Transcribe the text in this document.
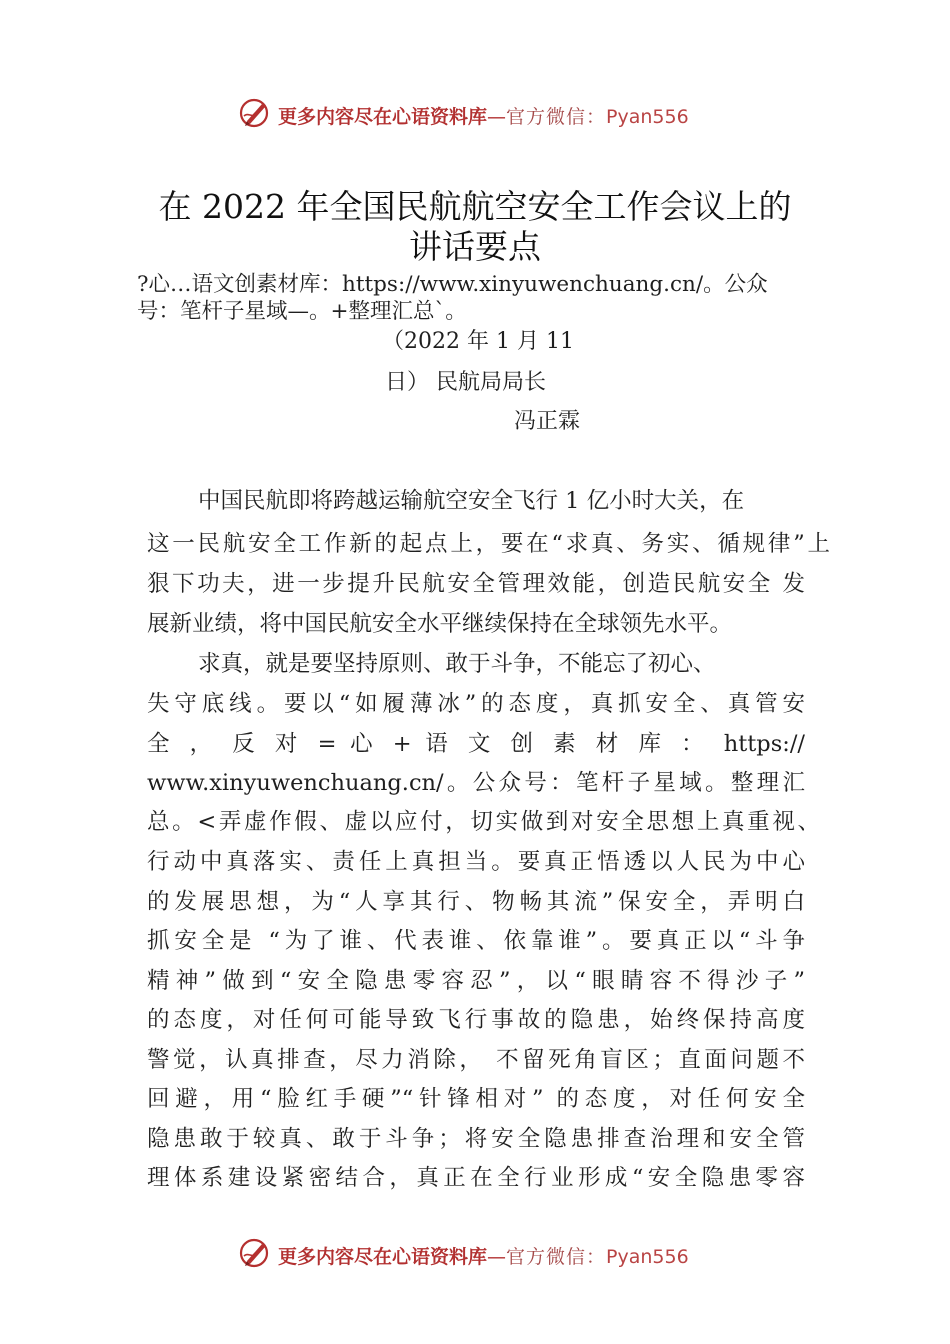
更多内容尽在心语资料库—官方微信：Pyan556
在 2022 年全国民航航空安全工作会议上的
讲话要点
?心…语文创素材库：https://www.xinyuwenchuang.cn/。公众
号：笔杆子星域—。+整理汇总`。
（2022 年 1 月 11
日） 民航局局长
冯正霖
中国民航即将跨越运输航空安全飞行 1 亿小时大关，在
这一民航安全工作新的起点上，要在“求真、务实、循规律”上
狠下功夫，进一步提升民航安全管理效能，创造民航安全 发
展新业绩，将中国民航安全水平继续保持在全球领先水平。
求真，就是要坚持原则、敢于斗争，不能忘了初心、
失守底线。要以“如履薄冰”的态度，真抓安全、真管安
全 ， 反 对 = 心 + 语 文 创 素 材 库 ： https://
www.xinyuwenchuang.cn/。公众号：笔杆子星域。整理汇
总。<弄虚作假、虚以应付，切实做到对安全思想上真重视、
行动中真落实、责任上真担当。要真正悟透以人民为中心
的发展思想，为“人享其行、物畅其流”保安全，弄明白
抓安全是 “为了谁、代表谁、依靠谁”。要真正以“斗争
精神”做到“安全隐患零容忍”，以“眼睛容不得沙子”
的态度，对任何可能导致飞行事故的隐患，始终保持高度
警觉，认真排查，尽力消除， 不留死角盲区；直面问题不
回避，用“脸红手硬”“针锋相对” 的态度，对任何安全
隐患敢于较真、敢于斗争；将安全隐患排查治理和安全管
理体系建设紧密结合，真正在全行业形成“安全隐患零容
更多内容尽在心语资料库—官方微信：Pyan556
